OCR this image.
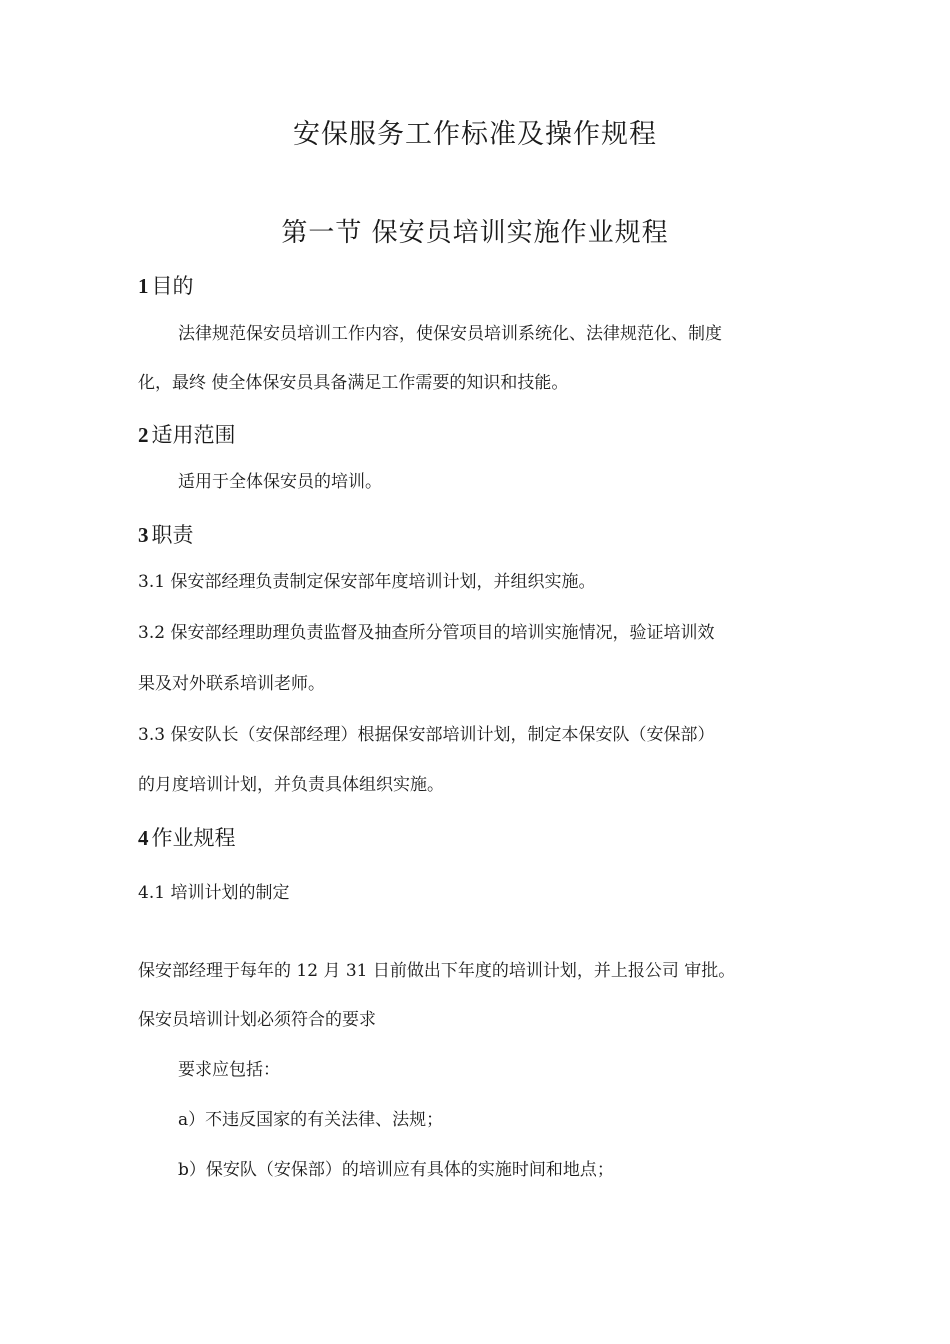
安保服务工作标准及操作规程
第一节 保安员培训实施作业规程
1 目的
法律规范保安员培训工作内容，使保安员培训系统化、法律规范化、制度
化，最终 使全体保安员具备满足工作需要的知识和技能。
2 适用范围
适用于全体保安员的培训。
3 职责
3.1 保安部经理负责制定保安部年度培训计划，并组织实施。
3.2 保安部经理助理负责监督及抽查所分管项目的培训实施情况，验证培训效
果及对外联系培训老师。
3.3 保安队长（安保部经理）根据保安部培训计划，制定本保安队（安保部）
的月度培训计划，并负责具体组织实施。
4 作业规程
4.1 培训计划的制定
保安部经理于每年的 12 月 31 日前做出下年度的培训计划，并上报公司 审批。
保安员培训计划必须符合的要求
要求应包括：
a）不违反国家的有关法律、法规；
b）保安队（安保部）的培训应有具体的实施时间和地点；
